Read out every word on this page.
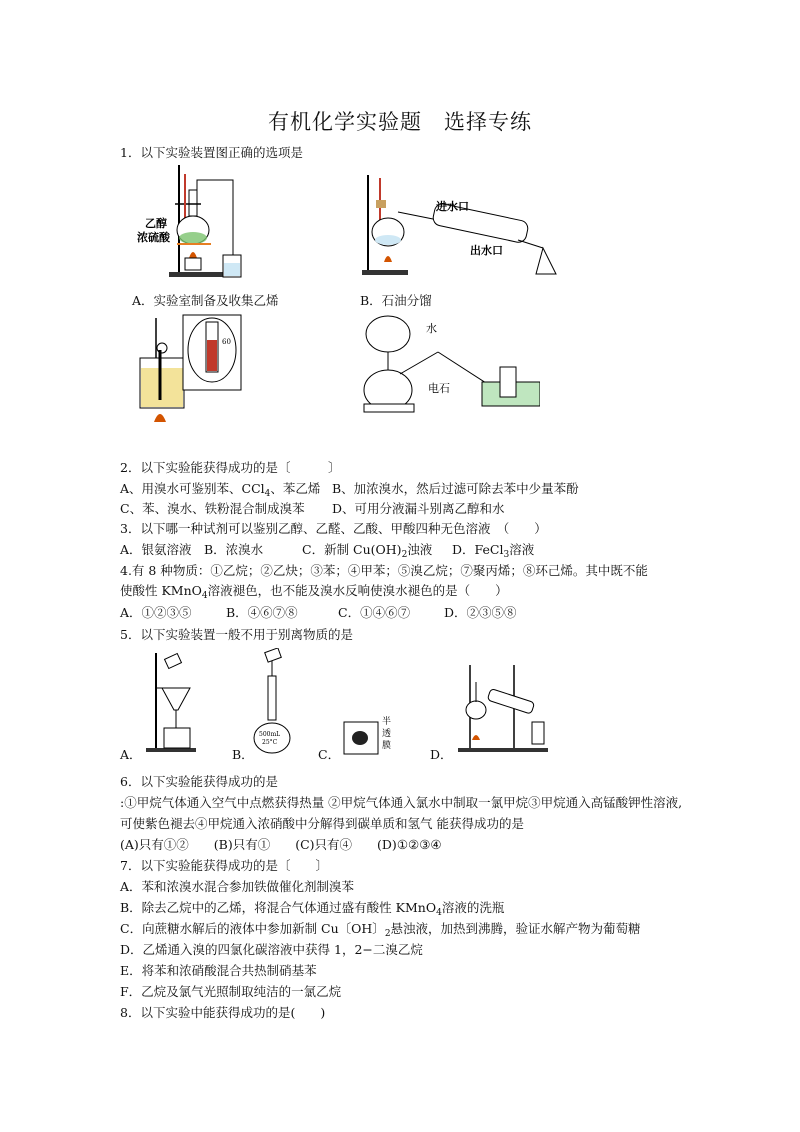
有机化学实验题　选择专练
1．以下实验装置图正确的选项是
乙醇
浓硫酸
进水口
出水口
A．实验室制备及收集乙烯	B．石油分馏
60
水
电石
2．以下实验能获得成功的是〔　　　〕
A、用溴水可鉴别苯、CCl$_4$、苯乙烯 B、加浓溴水，然后过滤可除去苯中少量苯酚
C、苯、溴水、铁粉混合制成溴苯 D、可用分液漏斗别离乙醇和水
3．以下哪一种试剂可以鉴别乙醇、乙醛、乙酸、甲酸四种无色溶液　（　　）
A．银氨溶液 B．浓溴水	C．新制 $Cu(OH)_2$浊液 D．FeCl$_3$溶液
4.有 8 种物质：①乙烷；②乙炔；③苯；④甲苯；⑤溴乙烷；⑦聚丙烯；⑧环己烯。其中既不能
使酸性 KMnO$_4$溶液褪色，也不能及溴水反响使溴水褪色的是（　　）
A．①②③⑤	B．④⑥⑦⑧	C．①④⑥⑦	D．②③⑤⑧
5．以下实验装置一般不用于别离物质的是
A．
500mL
25°C
B．
半
透
膜
C．	D．
6．以下实验能获得成功的是
:①甲烷气体通入空气中点燃获得热量 ②甲烷气体通入氯水中制取一氯甲烷③甲烷通入高锰酸钾性溶液,
可使紫色褪去④甲烷通入浓硝酸中分解得到碳单质和氢气 能获得成功的是
(A)只有①②　　(B)只有①　　(C)只有④　　(D)①②③④
7．以下实验能获得成功的是〔　　〕
A．苯和浓溴水混合参加铁做催化剂制溴苯
B．除去乙烷中的乙烯，将混合气体通过盛有酸性 KMnO$_4$溶液的洗瓶
C．向蔗糖水解后的液体中参加新制 Cu〔OH〕$_2$悬浊液，加热到沸腾，验证水解产物为葡萄糖
D．乙烯通入溴的四氯化碳溶液中获得 1，2−二溴乙烷
E．将苯和浓硝酸混合共热制硝基苯
F．乙烷及氯气光照制取纯洁的一氯乙烷
8．以下实验中能获得成功的是(　　)
